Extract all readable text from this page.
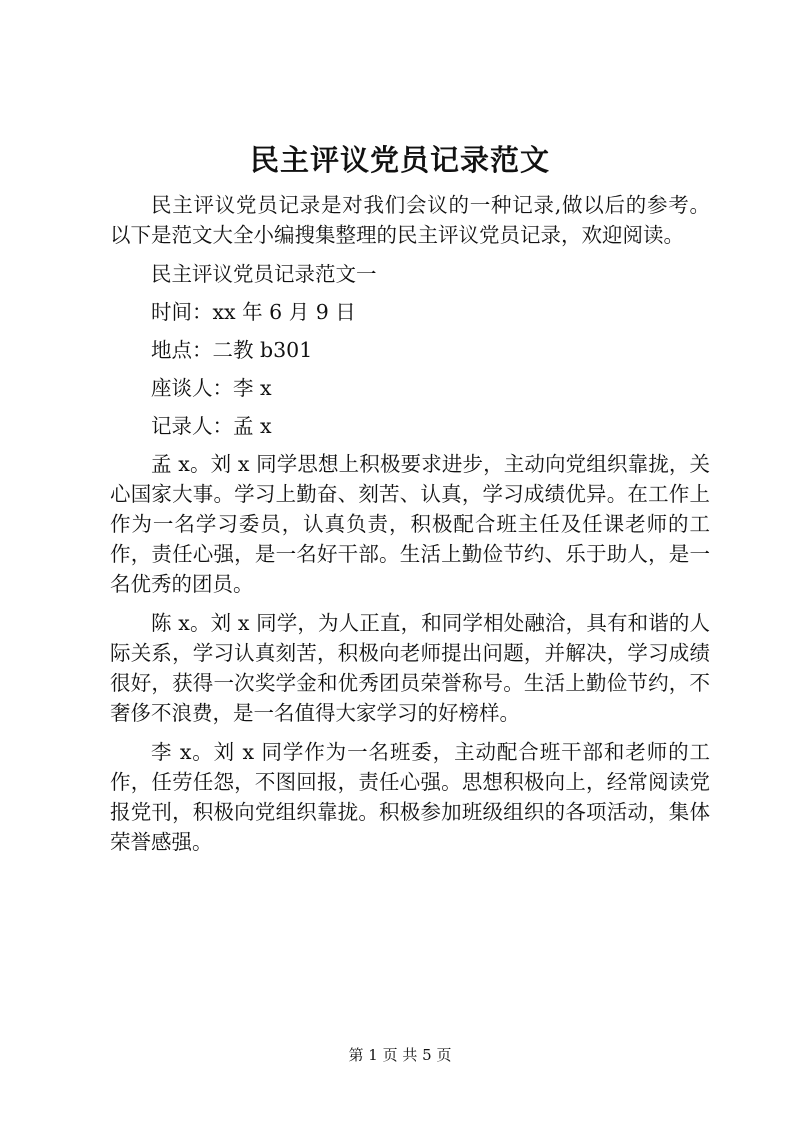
民主评议党员记录范文

民主评议党员记录是对我们会议的一种记录,做以后的参考。以下是范文大全小编搜集整理的民主评议党员记录，欢迎阅读。

民主评议党员记录范文一

时间：xx 年 6 月 9 日

地点：二教 b301

座谈人：李 x

记录人：孟 x

孟 x。刘 x 同学思想上积极要求进步，主动向党组织靠拢，关心国家大事。学习上勤奋、刻苦、认真，学习成绩优异。在工作上作为一名学习委员，认真负责，积极配合班主任及任课老师的工作，责任心强，是一名好干部。生活上勤俭节约、乐于助人，是一名优秀的团员。

陈 x。刘 x 同学，为人正直，和同学相处融洽，具有和谐的人际关系，学习认真刻苦，积极向老师提出问题，并解决，学习成绩很好，获得一次奖学金和优秀团员荣誉称号。生活上勤俭节约，不奢侈不浪费，是一名值得大家学习的好榜样。

李 x。刘 x 同学作为一名班委，主动配合班干部和老师的工作，任劳任怨，不图回报，责任心强。思想积极向上，经常阅读党报党刊，积极向党组织靠拢。积极参加班级组织的各项活动，集体荣誉感强。

第 1 页 共 5 页
